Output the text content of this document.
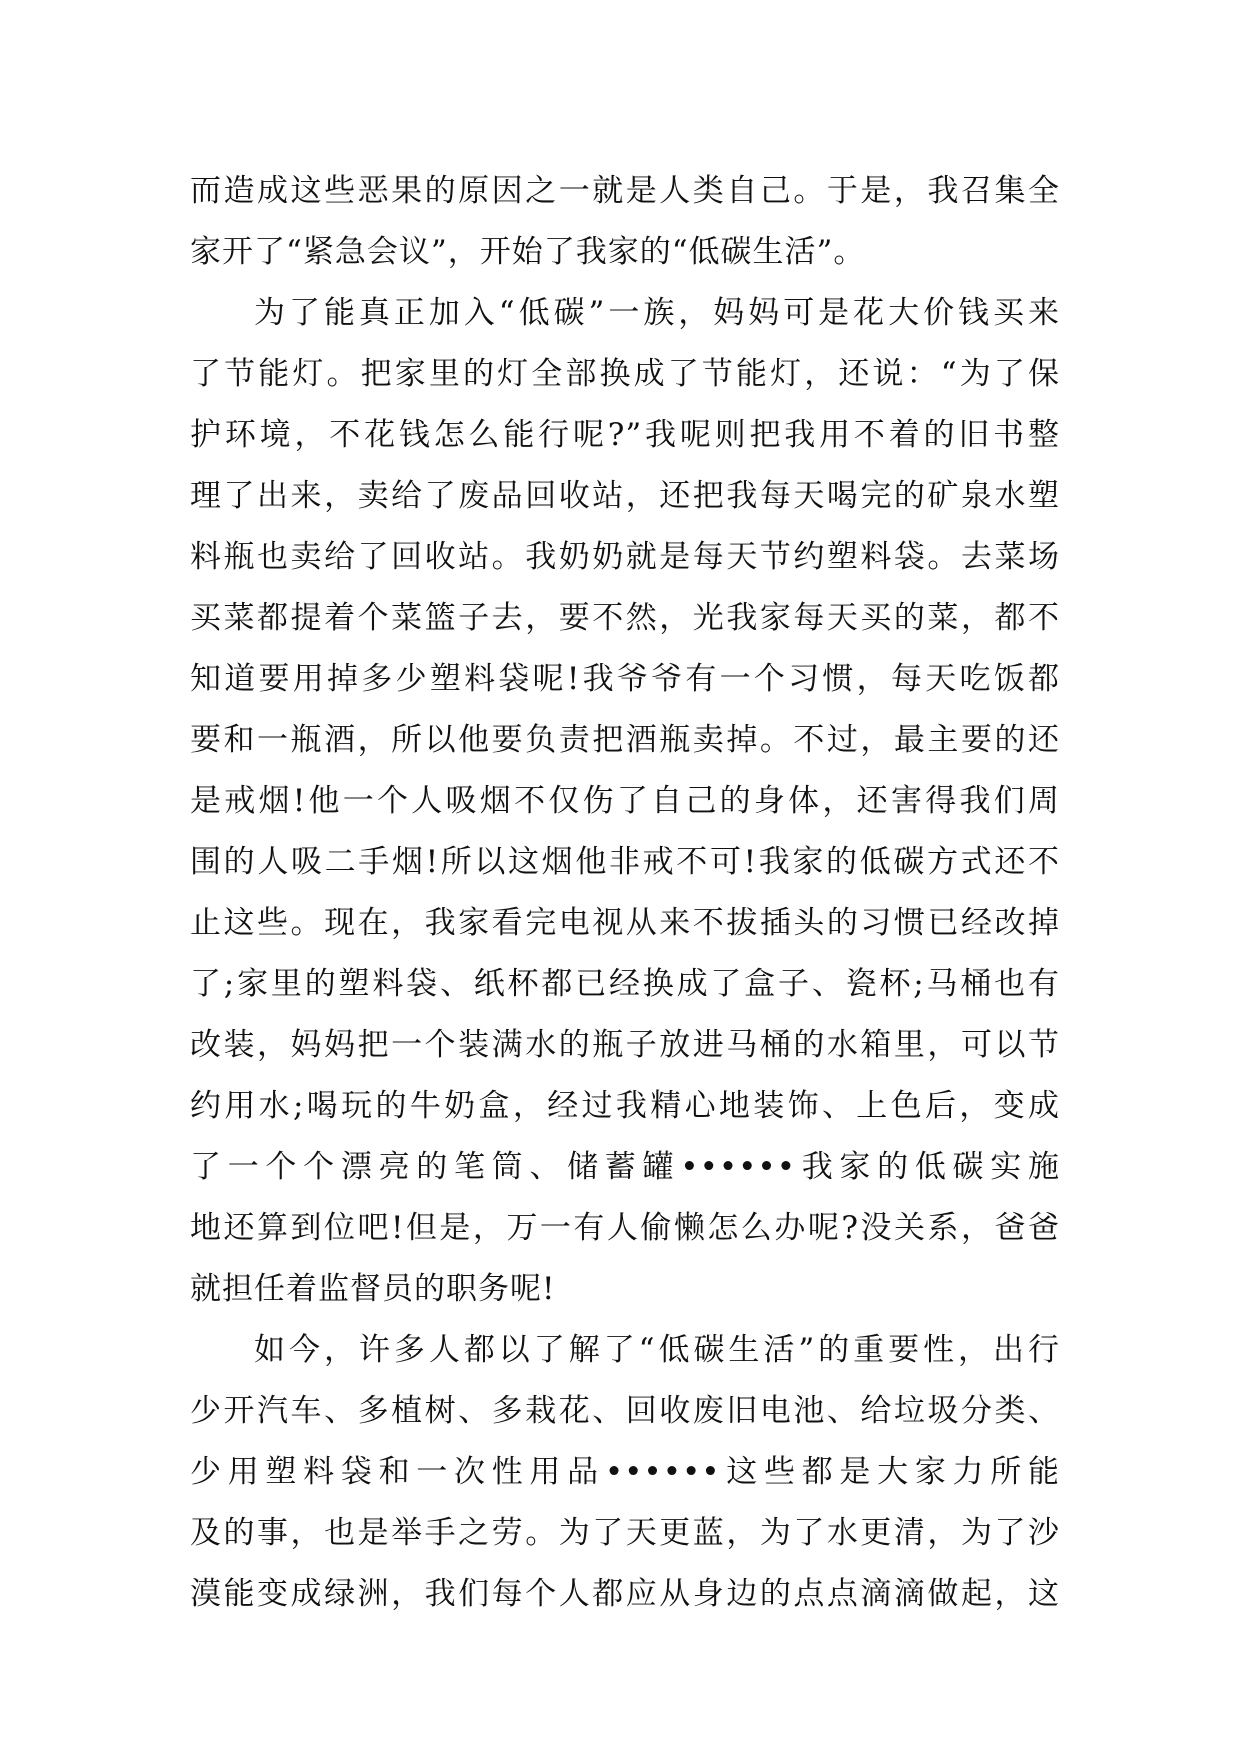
而造成这些恶果的原因之一就是人类自己。于是，我召集全
家开了“紧急会议”，开始了我家的“低碳生活”。
为了能真正加入“低碳”一族，妈妈可是花大价钱买来
了节能灯。把家里的灯全部换成了节能灯，还说：“为了保
护环境，不花钱怎么能行呢?”我呢则把我用不着的旧书整
理了出来，卖给了废品回收站，还把我每天喝完的矿泉水塑
料瓶也卖给了回收站。我奶奶就是每天节约塑料袋。去菜场
买菜都提着个菜篮子去，要不然，光我家每天买的菜，都不
知道要用掉多少塑料袋呢!我爷爷有一个习惯，每天吃饭都
要和一瓶酒，所以他要负责把酒瓶卖掉。不过，最主要的还
是戒烟!他一个人吸烟不仅伤了自己的身体，还害得我们周
围的人吸二手烟!所以这烟他非戒不可!我家的低碳方式还不
止这些。现在，我家看完电视从来不拔插头的习惯已经改掉
了;家里的塑料袋、纸杯都已经换成了盒子、瓷杯;马桶也有
改装，妈妈把一个装满水的瓶子放进马桶的水箱里，可以节
约用水;喝玩的牛奶盒，经过我精心地装饰、上色后，变成
了一个个漂亮的笔筒、储蓄罐••••••我家的低碳实施
地还算到位吧!但是，万一有人偷懒怎么办呢?没关系，爸爸
就担任着监督员的职务呢!
如今，许多人都以了解了“低碳生活”的重要性，出行
少开汽车、多植树、多栽花、回收废旧电池、给垃圾分类、
少用塑料袋和一次性用品••••••这些都是大家力所能
及的事，也是举手之劳。为了天更蓝，为了水更清，为了沙
漠能变成绿洲，我们每个人都应从身边的点点滴滴做起，这
